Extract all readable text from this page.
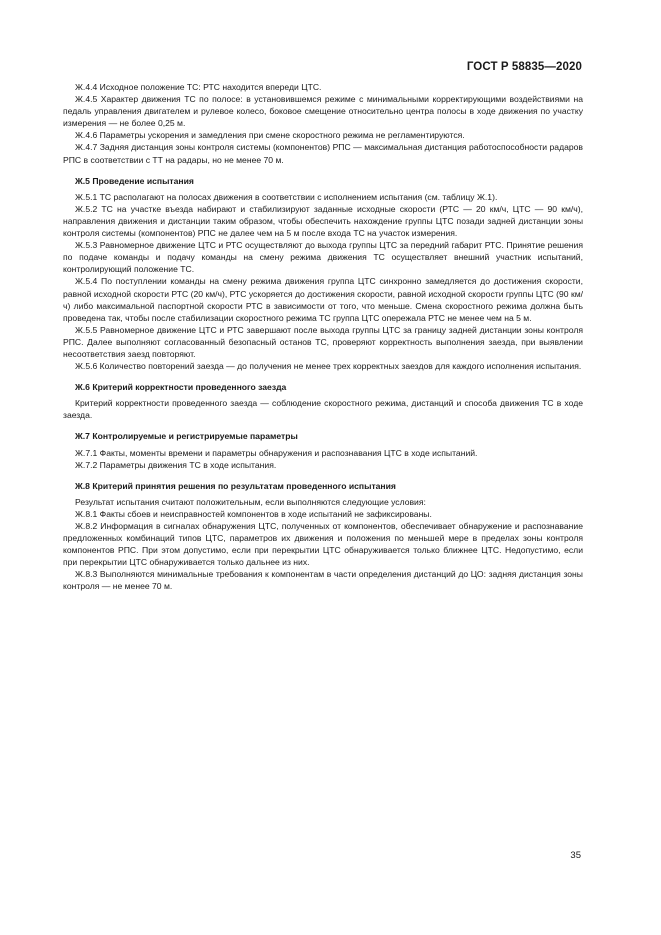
ГОСТ Р 58835—2020

Ж.4.4 Исходное положение ТС: РТС находится впереди ЦТС.

Ж.4.5 Характер движения ТС по полосе: в установившемся режиме с минимальными корректирующими воздействиями на педаль управления двигателем и рулевое колесо, боковое смещение относительно центра полосы в ходе движения по участку измерения — не более 0,25 м.

Ж.4.6 Параметры ускорения и замедления при смене скоростного режима не регламентируются.

Ж.4.7 Задняя дистанция зоны контроля системы (компонентов) РПС — максимальная дистанция работоспособности радаров РПС в соответствии с ТТ на радары, но не менее 70 м.

Ж.5 Проведение испытания

Ж.5.1 ТС располагают на полосах движения в соответствии с исполнением испытания (см. таблицу Ж.1).

Ж.5.2 ТС на участке въезда набирают и стабилизируют заданные исходные скорости (РТС — 20 км/ч, ЦТС — 90 км/ч), направления движения и дистанции таким образом, чтобы обеспечить нахождение группы ЦТС позади задней дистанции зоны контроля системы (компонентов) РПС не далее чем на 5 м после входа ТС на участок измерения.

Ж.5.3 Равномерное движение ЦТС и РТС осуществляют до выхода группы ЦТС за передний габарит РТС. Принятие решения по подаче команды и подачу команды на смену режима движения ТС осуществляет внешний участник испытаний, контролирующий положение ТС.

Ж.5.4 По поступлении команды на смену режима движения группа ЦТС синхронно замедляется до достижения скорости, равной исходной скорости РТС (20 км/ч), РТС ускоряется до достижения скорости, равной исходной скорости группы ЦТС (90 км/ч) либо максимальной паспортной скорости РТС в зависимости от того, что меньше. Смена скоростного режима должна быть проведена так, чтобы после стабилизации скоростного режима ТС группа ЦТС опережала РТС не менее чем на 5 м.

Ж.5.5 Равномерное движение ЦТС и РТС завершают после выхода группы ЦТС за границу задней дистанции зоны контроля РПС. Далее выполняют согласованный безопасный останов ТС, проверяют корректность выполнения заезда, при выявлении несоответствия заезд повторяют.

Ж.5.6 Количество повторений заезда — до получения не менее трех корректных заездов для каждого исполнения испытания.

Ж.6 Критерий корректности проведенного заезда

Критерий корректности проведенного заезда — соблюдение скоростного режима, дистанций и способа движения ТС в ходе заезда.

Ж.7 Контролируемые и регистрируемые параметры

Ж.7.1 Факты, моменты времени и параметры обнаружения и распознавания ЦТС в ходе испытаний.

Ж.7.2 Параметры движения ТС в ходе испытания.

Ж.8 Критерий принятия решения по результатам проведенного испытания

Результат испытания считают положительным, если выполняются следующие условия:

Ж.8.1 Факты сбоев и неисправностей компонентов в ходе испытаний не зафиксированы.

Ж.8.2 Информация в сигналах обнаружения ЦТС, полученных от компонентов, обеспечивает обнаружение и распознавание предложенных комбинаций типов ЦТС, параметров их движения и положения по меньшей мере в пределах зоны контроля компонентов РПС. При этом допустимо, если при перекрытии ЦТС обнаруживается только ближнее ЦТС. Недопустимо, если при перекрытии ЦТС обнаруживается только дальнее из них.

Ж.8.3 Выполняются минимальные требования к компонентам в части определения дистанций до ЦО: задняя дистанция зоны контроля — не менее 70 м.

35
